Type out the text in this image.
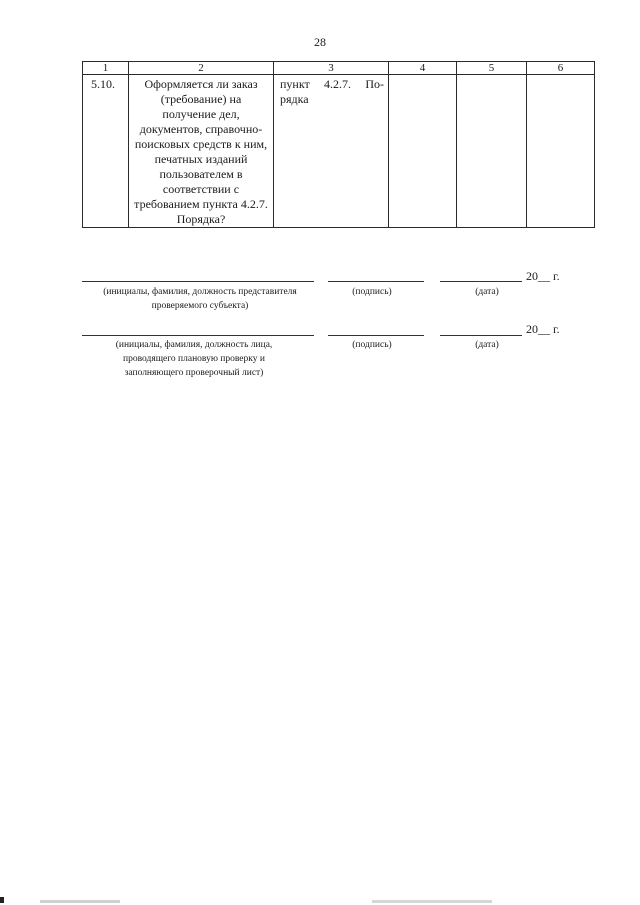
28
1	2	3	4	5	6
5.10.	Оформляется ли заказ (требование) на получение дел, документов, справочно-поисковых средств к ним, печатных изданий пользователем в соответствии с требованием пункта 4.2.7. Порядка?	пункт 4.2.7. По-
рядка			

20__ г.
(инициалы, фамилия, должность представителя проверяемого субъекта)
(подпись)	(дата)
20__ г.
(инициалы, фамилия, должность лица, проводящего плановую проверку и заполняющего проверочный лист)
(подпись)	(дата)
